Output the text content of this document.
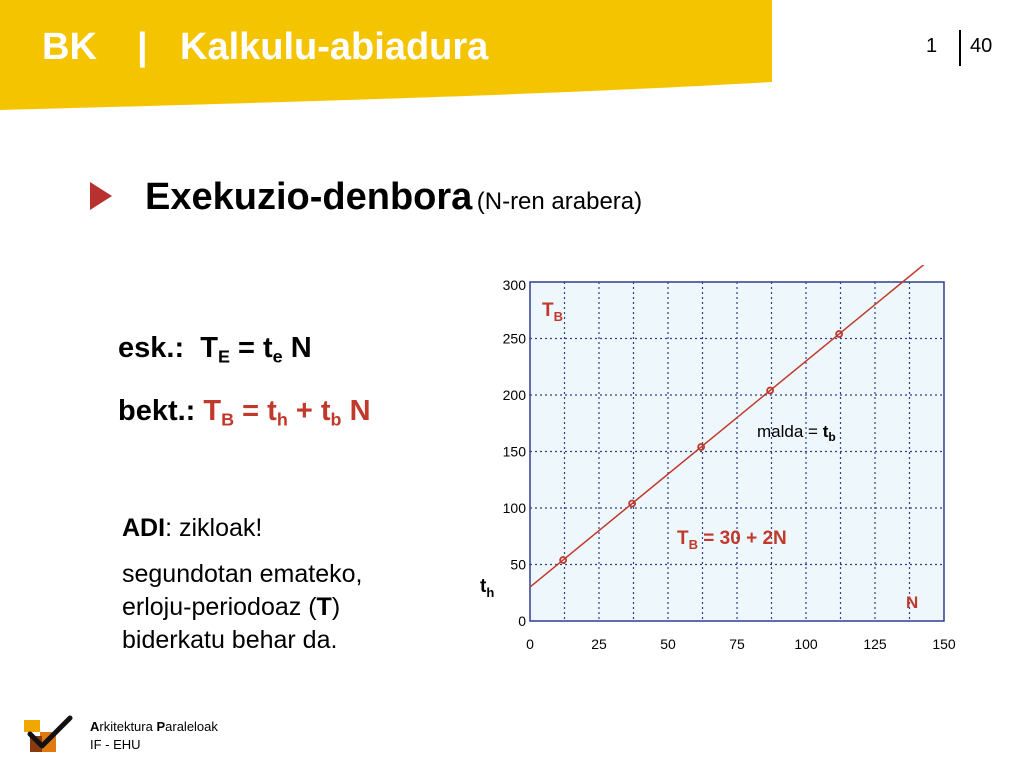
BK | Kalkulu-abiadura	1 40
Exekuzio-denbora (N-ren arabera)
esk.: $T_E = t_e$ N
bekt.: $T_B = t_h + t_b$ N
ADI: zikloak!
segundotan emateko,
erloju-periodoaz (T)
biderkatu behar da.	0	25	50	75	100	125	150
0
50
100
150
200
250
300
$T_B$
malda = $t_b$
$T_B = 30 + 2N$
N
$t_h$
Arkitektura Paraleloak
IF - EHU
